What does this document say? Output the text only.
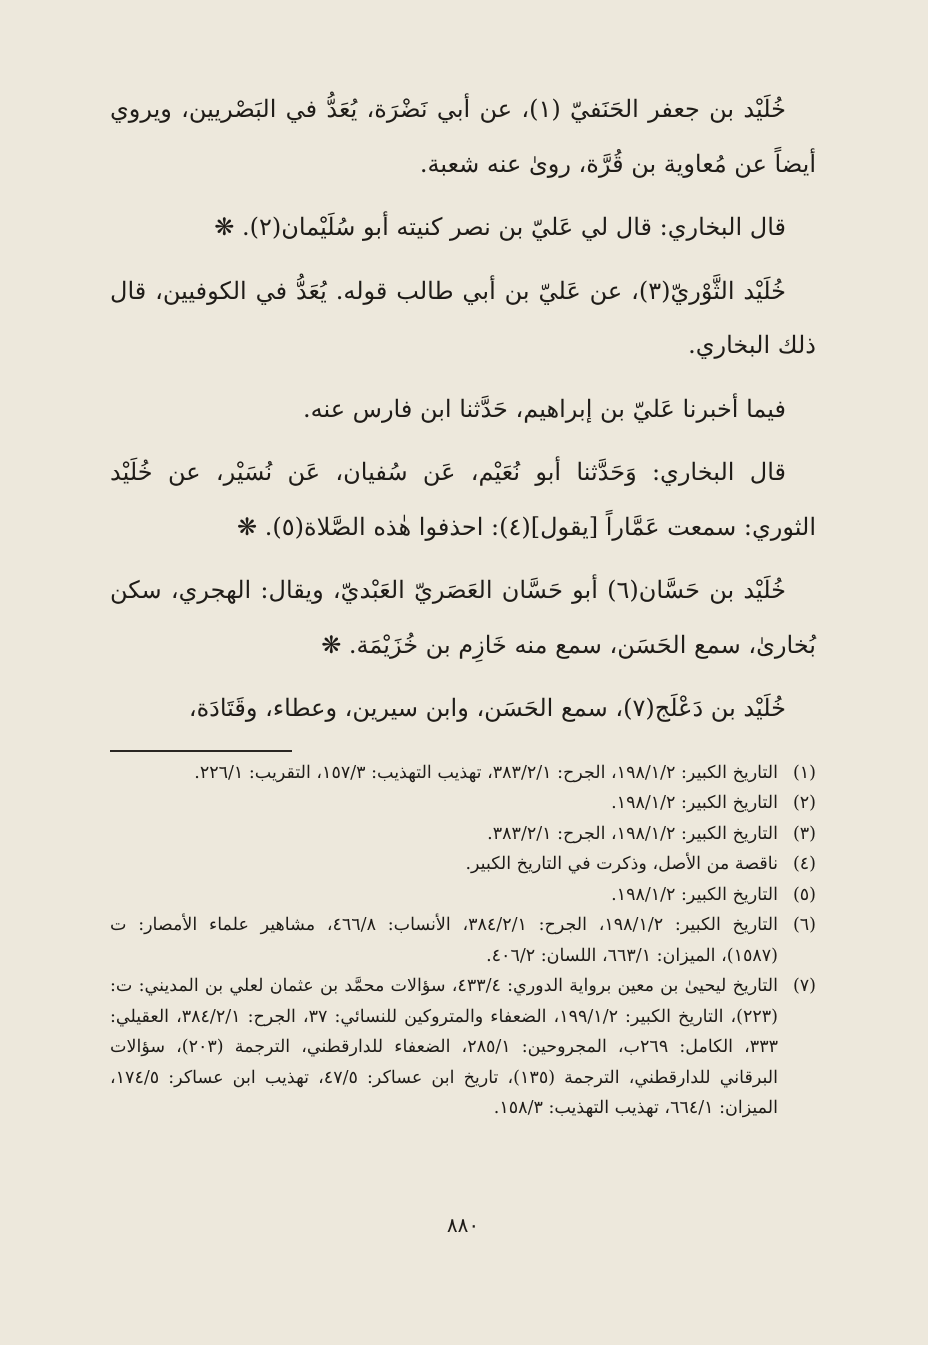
خُلَيْد بن جعفر الحَنَفيّ (١)، عن أبي نَضْرَة، يُعَدُّ في البَصْريين، ويروي أيضاً عن مُعاوية بن قُرَّة، روىٰ عنه شعبة.

قال البخاري: قال لي عَليّ بن نصر كنيته أبو سُلَيْمان(٢). ❋

خُلَيْد الثَّوْريّ(٣)، عن عَليّ بن أبي طالب قوله. يُعَدُّ في الكوفيين، قال ذلك البخاري.

فيما أخبرنا عَليّ بن إبراهيم، حَدَّثنا ابن فارس عنه.

قال البخاري: وَحَدَّثنا أبو نُعَيْم، عَن سُفيان، عَن نُسَيْر، عن خُلَيْد الثوري: سمعت عَمَّاراً [يقول](٤): احذفوا هٰذه الصَّلاة(٥). ❋

خُلَيْد بن حَسَّان(٦) أبو حَسَّان العَصَريّ العَبْديّ، ويقال: الهجري، سكن بُخارىٰ، سمع الحَسَن، سمع منه خَازِم بن خُزَيْمَة. ❋

خُلَيْد بن دَعْلَج(٧)، سمع الحَسَن، وابن سيرين، وعطاء، وقَتَادَة،

(١)
التاريخ الكبير: ١٩٨/١/٢، الجرح: ٣٨٣/٢/١، تهذيب التهذيب: ١٥٧/٣، التقريب: ٢٢٦/١.
(٢)
التاريخ الكبير: ١٩٨/١/٢.
(٣)
التاريخ الكبير: ١٩٨/١/٢، الجرح: ٣٨٣/٢/١.
(٤)
ناقصة من الأصل، وذكرت في التاريخ الكبير.
(٥)
التاريخ الكبير: ١٩٨/١/٢.
(٦)
التاريخ الكبير: ١٩٨/١/٢، الجرح: ٣٨٤/٢/١، الأنساب: ٤٦٦/٨، مشاهير علماء الأمصار: ت (١٥٨٧)، الميزان: ٦٦٣/١، اللسان: ٤٠٦/٢.
(٧)
التاريخ ليحيىٰ بن معين برواية الدوري: ٤٣٣/٤، سؤالات محمَّد بن عثمان لعلي بن المديني: ت: (٢٢٣)، التاريخ الكبير: ١٩٩/١/٢، الضعفاء والمتروكين للنسائي: ٣٧، الجرح: ٣٨٤/٢/١، العقيلي: ٣٣٣، الكامل: ٢٦٩ب، المجروحين: ٢٨٥/١، الضعفاء للدارقطني، الترجمة (٢٠٣)، سؤالات البرقاني للدارقطني، الترجمة (١٣٥)، تاريخ ابن عساكر: ٤٧/٥، تهذيب ابن عساكر: ١٧٤/٥، الميزان: ٦٦٤/١، تهذيب التهذيب: ١٥٨/٣.
٨٨٠
